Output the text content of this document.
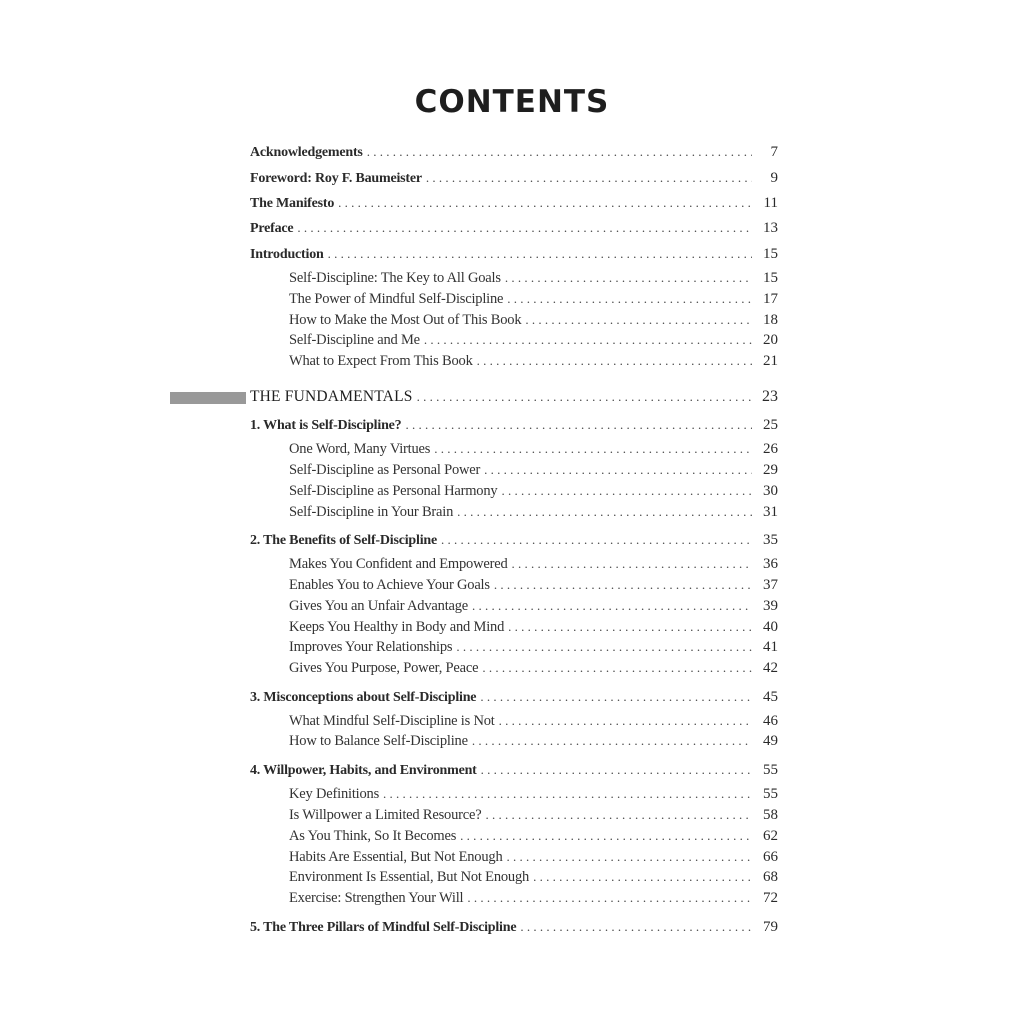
CONTENTS
Acknowledgements . . .	7
Foreword: Roy F. Baumeister . . .	9
The Manifesto . . .	11
Preface . . .	13
Introduction . . .	15
Self-Discipline: The Key to All Goals . . .	15
The Power of Mindful Self-Discipline . . .	17
How to Make the Most Out of This Book . . .	18
Self-Discipline and Me . . .	20
What to Expect From This Book . . .	21
THE FUNDAMENTALS . . .	23
1. What is Self-Discipline? . . .	25
One Word, Many Virtues . . .	26
Self-Discipline as Personal Power . . .	29
Self-Discipline as Personal Harmony . . .	30
Self-Discipline in Your Brain . . .	31
2. The Benefits of Self-Discipline . . .	35
Makes You Confident and Empowered . . .	36
Enables You to Achieve Your Goals . . .	37
Gives You an Unfair Advantage . . .	39
Keeps You Healthy in Body and Mind . . .	40
Improves Your Relationships . . .	41
Gives You Purpose, Power, Peace . . .	42
3. Misconceptions about Self-Discipline . . .	45
What Mindful Self-Discipline is Not . . .	46
How to Balance Self-Discipline . . .	49
4. Willpower, Habits, and Environment . . .	55
Key Definitions . . .	55
Is Willpower a Limited Resource? . . .	58
As You Think, So It Becomes . . .	62
Habits Are Essential, But Not Enough . . .	66
Environment Is Essential, But Not Enough . . .	68
Exercise: Strengthen Your Will . . .	72
5. The Three Pillars of Mindful Self-Discipline . . .	79
